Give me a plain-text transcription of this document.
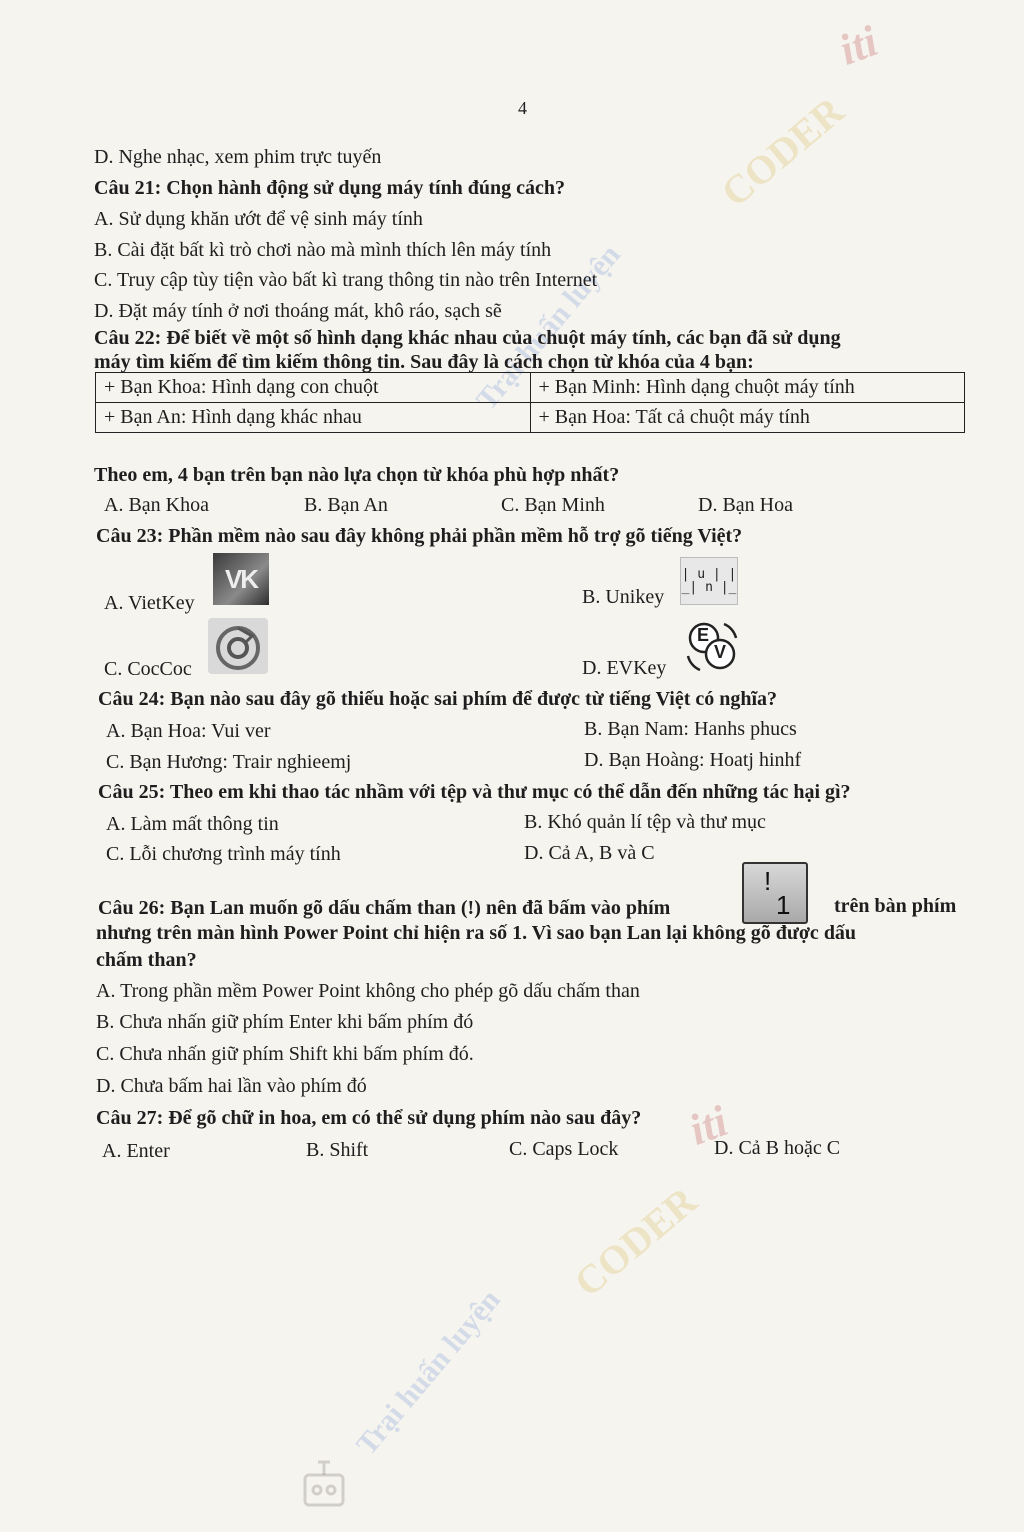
iti
CODER
Trại huấn luyện
iti
CODER
Trại huấn luyện
4
D. Nghe nhạc, xem phim trực tuyến
Câu 21: Chọn hành động sử dụng máy tính đúng cách?
A. Sử dụng khăn ướt để vệ sinh máy tính
B. Cài đặt bất kì trò chơi nào mà mình thích lên máy tính
C. Truy cập tùy tiện vào bất kì trang thông tin nào trên Internet
D. Đặt máy tính ở nơi thoáng mát, khô ráo, sạch sẽ
Câu 22: Để biết về một số hình dạng khác nhau của chuột máy tính, các bạn đã sử dụng
máy tìm kiếm để tìm kiếm thông tin. Sau đây là cách chọn từ khóa của 4 bạn:
+ Bạn Khoa: Hình dạng con chuột	+ Bạn Minh: Hình dạng chuột máy tính
+ Bạn An: Hình dạng khác nhau	+ Bạn Hoa: Tất cả chuột máy tính
Theo em, 4 bạn trên bạn nào lựa chọn từ khóa phù hợp nhất?
A. Bạn Khoa	B. Bạn An	C. Bạn Minh	D. Bạn Hoa
Câu 23: Phần mềm nào sau đây không phải phần mềm hỗ trợ gõ tiếng Việt?
A. VietKey
VK
B. Unikey
| u | |
_| n |_
C. CocCoc	D. EVKey
E
V
Câu 24: Bạn nào sau đây gõ thiếu hoặc sai phím để được từ tiếng Việt có nghĩa?
A. Bạn Hoa: Vui ver	B. Bạn Nam: Hanhs phucs
C. Bạn Hương: Trair nghieemj	D. Bạn Hoàng: Hoatj hinhf
Câu 25: Theo em khi thao tác nhầm với tệp và thư mục có thể dẫn đến những tác hại gì?
A. Làm mất thông tin	B. Khó quản lí tệp và thư mục
C. Lỗi chương trình máy tính	D. Cả A, B và C
Câu 26: Bạn Lan muốn gõ dấu chấm than (!) nên đã bấm vào phím
!
1 trên bàn phím
nhưng trên màn hình Power Point chỉ hiện ra số 1. Vì sao bạn Lan lại không gõ được dấu
chấm than?
A. Trong phần mềm Power Point không cho phép gõ dấu chấm than
B. Chưa nhấn giữ phím Enter khi bấm phím đó
C. Chưa nhấn giữ phím Shift khi bấm phím đó.
D. Chưa bấm hai lần vào phím đó
Câu 27: Để gõ chữ in hoa, em có thể sử dụng phím nào sau đây?
A. Enter	B. Shift	C. Caps Lock	D. Cả B hoặc C
